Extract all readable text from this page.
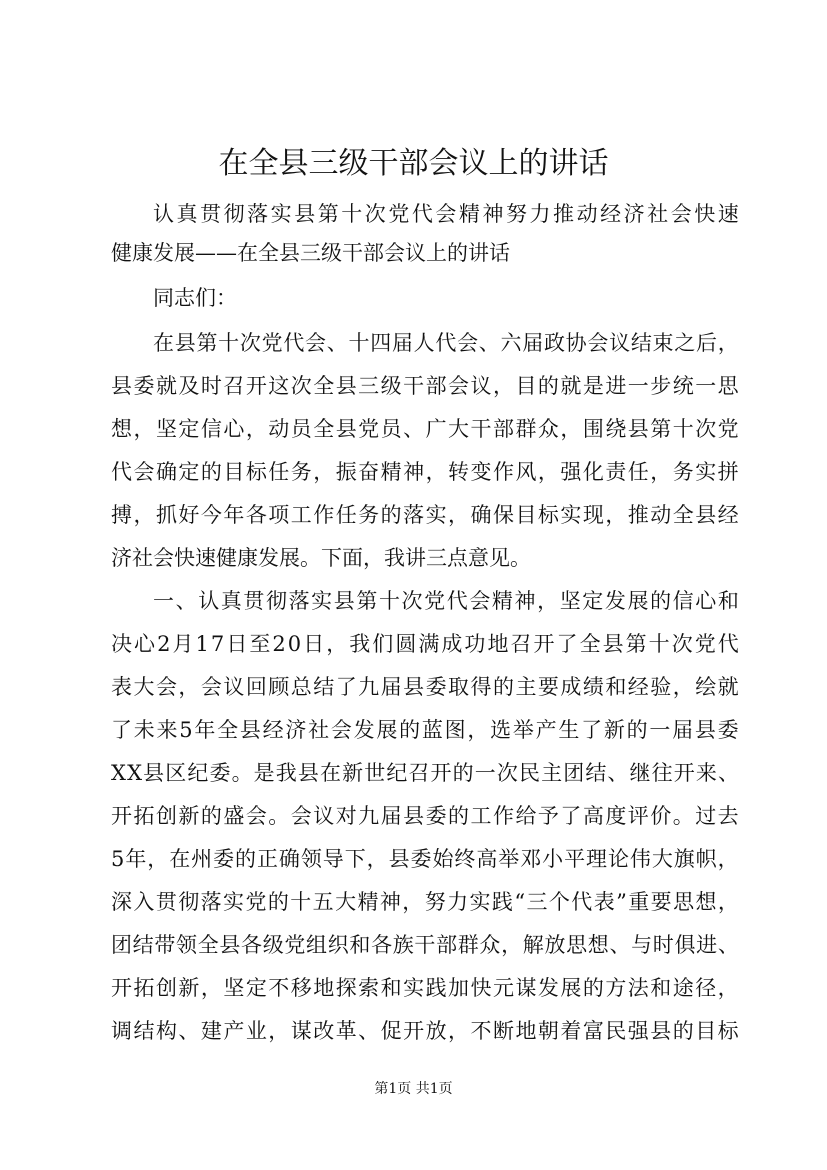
在全县三级干部会议上的讲话
认 真 贯 彻 落 实 县 第 十 次 党 代 会 精 神 努 力 推 动 经 济 社 会 快 速
健康发展——在全县三级干部会议上的讲话
同志们：
在 县 第 十 次 党 代 会 、 十 四 届 人 代 会 、 六 届 政 协 会 议 结 束 之 后 ，
县 委 就 及 时 召 开 这 次 全 县 三 级 干 部 会 议 ， 目 的 就 是 进 一 步 统 一 思
想 ， 坚 定 信 心 ， 动 员 全 县 党 员 、 广 大 干 部 群 众 ， 围 绕 县 第 十 次 党
代 会 确 定 的 目 标 任 务 ， 振 奋 精 神 ， 转 变 作 风 ， 强 化 责 任 ， 务 实 拼
搏 ， 抓 好 今 年 各 项 工 作 任 务 的 落 实 ， 确 保 目 标 实 现 ， 推 动 全 县 经
济社会快速健康发展。下面，我讲三点意见。
一 、 认 真 贯 彻 落 实 县 第 十 次 党 代 会 精 神 ， 坚 定 发 展 的 信 心 和
决 心 2 月 1 7 日 至 2 0 日 ， 我 们 圆 满 成 功 地 召 开 了 全 县 第 十 次 党 代
表 大 会 ， 会 议 回 顾 总 结 了 九 届 县 委 取 得 的 主 要 成 绩 和 经 验 ， 绘 就
了 未 来 5 年 全 县 经 济 社 会 发 展 的 蓝 图 ， 选 举 产 生 了 新 的 一 届 县 委
X X 县 区 纪 委 。 是 我 县 在 新 世 纪 召 开 的 一 次 民 主 团 结 、 继 往 开 来 、
开 拓 创 新 的 盛 会 。 会 议 对 九 届 县 委 的 工 作 给 予 了 高 度 评 价 。 过 去
5 年 ， 在 州 委 的 正 确 领 导 下 ， 县 委 始 终 高 举 邓 小 平 理 论 伟 大 旗 帜 ，
深 入 贯 彻 落 实 党 的 十 五 大 精 神 ， 努 力 实 践 “ 三 个 代 表 ” 重 要 思 想 ，
团 结 带 领 全 县 各 级 党 组 织 和 各 族 干 部 群 众 ， 解 放 思 想 、 与 时 俱 进 、
开 拓 创 新 ， 坚 定 不 移 地 探 索 和 实 践 加 快 元 谋 发 展 的 方 法 和 途 径 ，
调 结 构 、 建 产 业 ， 谋 改 革 、 促 开 放 ， 不 断 地 朝 着 富 民 强 县 的 目 标
第1页 共1页
